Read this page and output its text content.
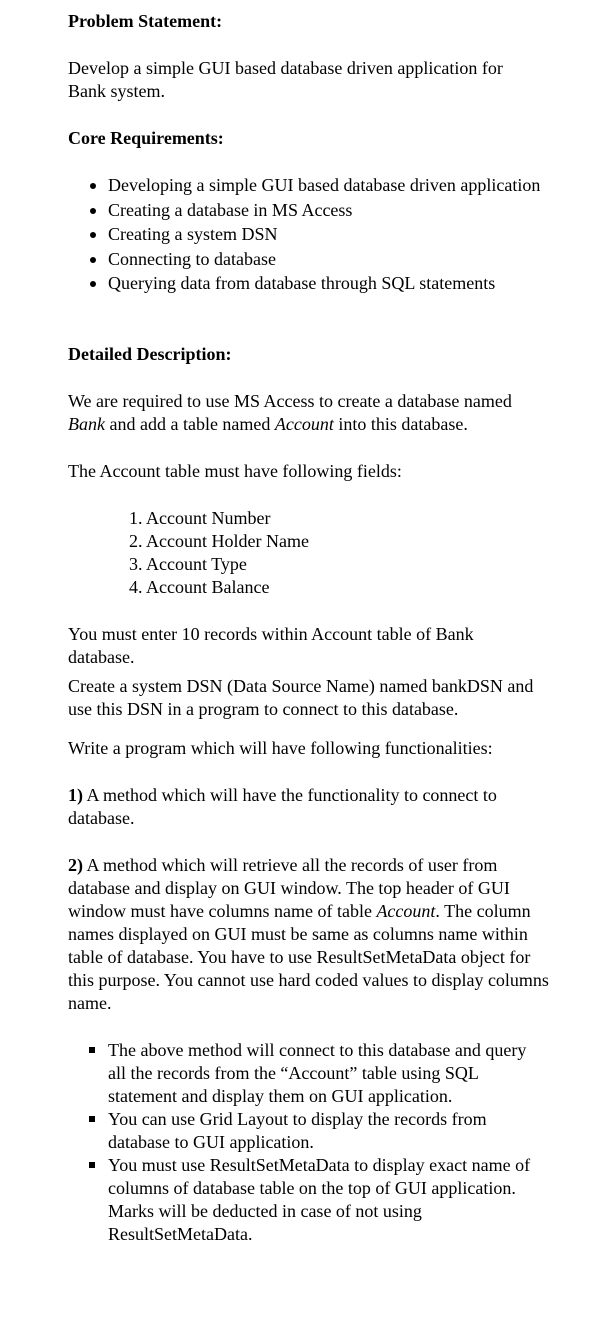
Problem Statement:

Develop a simple GUI based database driven application for Bank system.

Core Requirements:

Developing a simple GUI based database driven application
Creating a database in MS Access
Creating a system DSN
Connecting to database
Querying data from database through SQL statements

Detailed Description:

We are required to use MS Access to create a database named Bank and add a table named Account into this database.

The Account table must have following fields:

1. Account Number
2. Account Holder Name
3. Account Type
4. Account Balance

You must enter 10 records within Account table of Bank database.

Create a system DSN (Data Source Name) named bankDSN and use this DSN in a program to connect to this database.

Write a program which will have following functionalities:

1) A method which will have the functionality to connect to database.

2) A method which will retrieve all the records of user from database and display on GUI window. The top header of GUI window must have columns name of table Account. The column names displayed on GUI must be same as columns name within table of database. You have to use ResultSetMetaData object for this purpose. You cannot use hard coded values to display columns name.

The above method will connect to this database and query all the records from the “Account” table using SQL statement and display them on GUI application.
You can use Grid Layout to display the records from database to GUI application.
You must use ResultSetMetaData to display exact name of columns of database table on the top of GUI application. Marks will be deducted in case of not using ResultSetMetaData.
